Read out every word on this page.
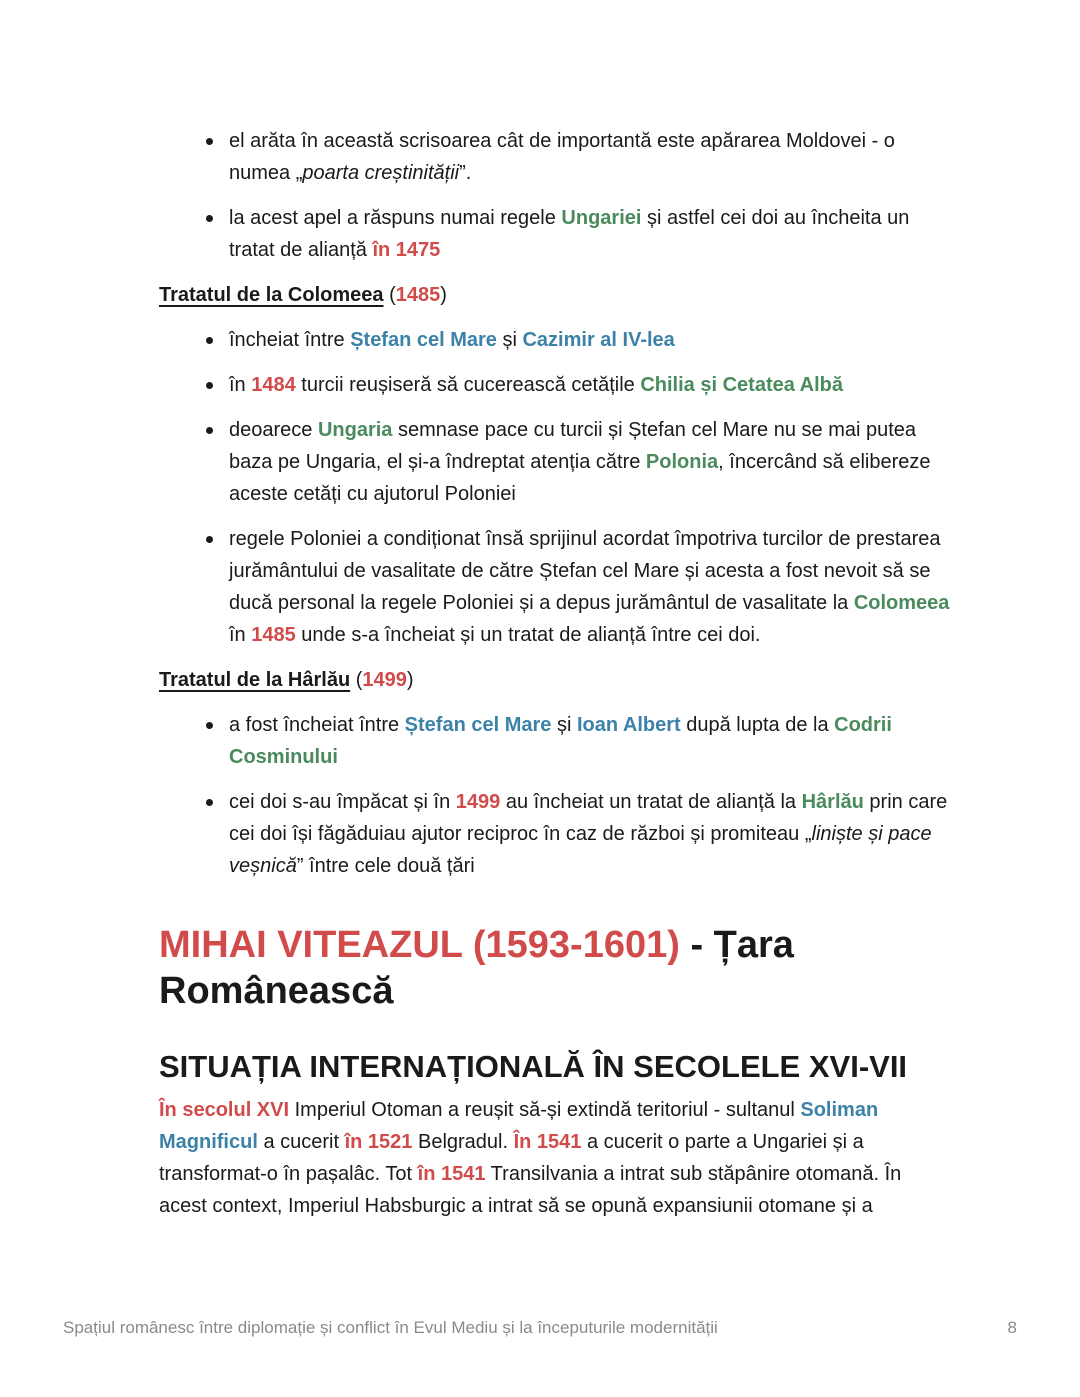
el arăta în această scrisoarea cât de importantă este apărarea Moldovei - o numea „poarta creștinității”.
la acest apel a răspuns numai regele Ungariei și astfel cei doi au încheita un tratat de alianță în 1475
Tratatul de la Colomeea (1485)
încheiat între Ștefan cel Mare și Cazimir al IV-lea
în 1484 turcii reușiseră să cucerească cetățile Chilia și Cetatea Albă
deoarece Ungaria semnase pace cu turcii și Ștefan cel Mare nu se mai putea baza pe Ungaria, el și-a îndreptat atenția către Polonia, încercând să elibereze aceste cetăți cu ajutorul Poloniei
regele Poloniei a condiționat însă sprijinul acordat împotriva turcilor de prestarea jurământului de vasalitate de către Ștefan cel Mare și acesta a fost nevoit să se ducă personal la regele Poloniei și a depus jurământul de vasalitate la Colomeea în 1485 unde s-a încheiat și un tratat de alianță între cei doi.
Tratatul de la Hârlău (1499)
a fost încheiat între Ștefan cel Mare și Ioan Albert după lupta de la Codrii Cosminului
cei doi s-au împăcat și în 1499 au încheiat un tratat de alianță la Hârlău prin care cei doi își făgăduiau ajutor reciproc în caz de război și promiteau „liniște și pace veșnică” între cele două țări
MIHAI VITEAZUL (1593-1601) - Țara Românească
SITUAȚIA INTERNAȚIONALĂ ÎN SECOLELE XVI-VII
În secolul XVI Imperiul Otoman a reușit să-și extindă teritoriul - sultanul Soliman Magnificul a cucerit în 1521 Belgradul. În 1541 a cucerit o parte a Ungariei și a transformat-o în pașalâc. Tot în 1541 Transilvania a intrat sub stăpânire otomană. În acest context, Imperiul Habsburgic a intrat să se opună expansiunii otomane și a
Spațiul românesc între diplomație și conflict în Evul Mediu și la începuturile modernității	8
